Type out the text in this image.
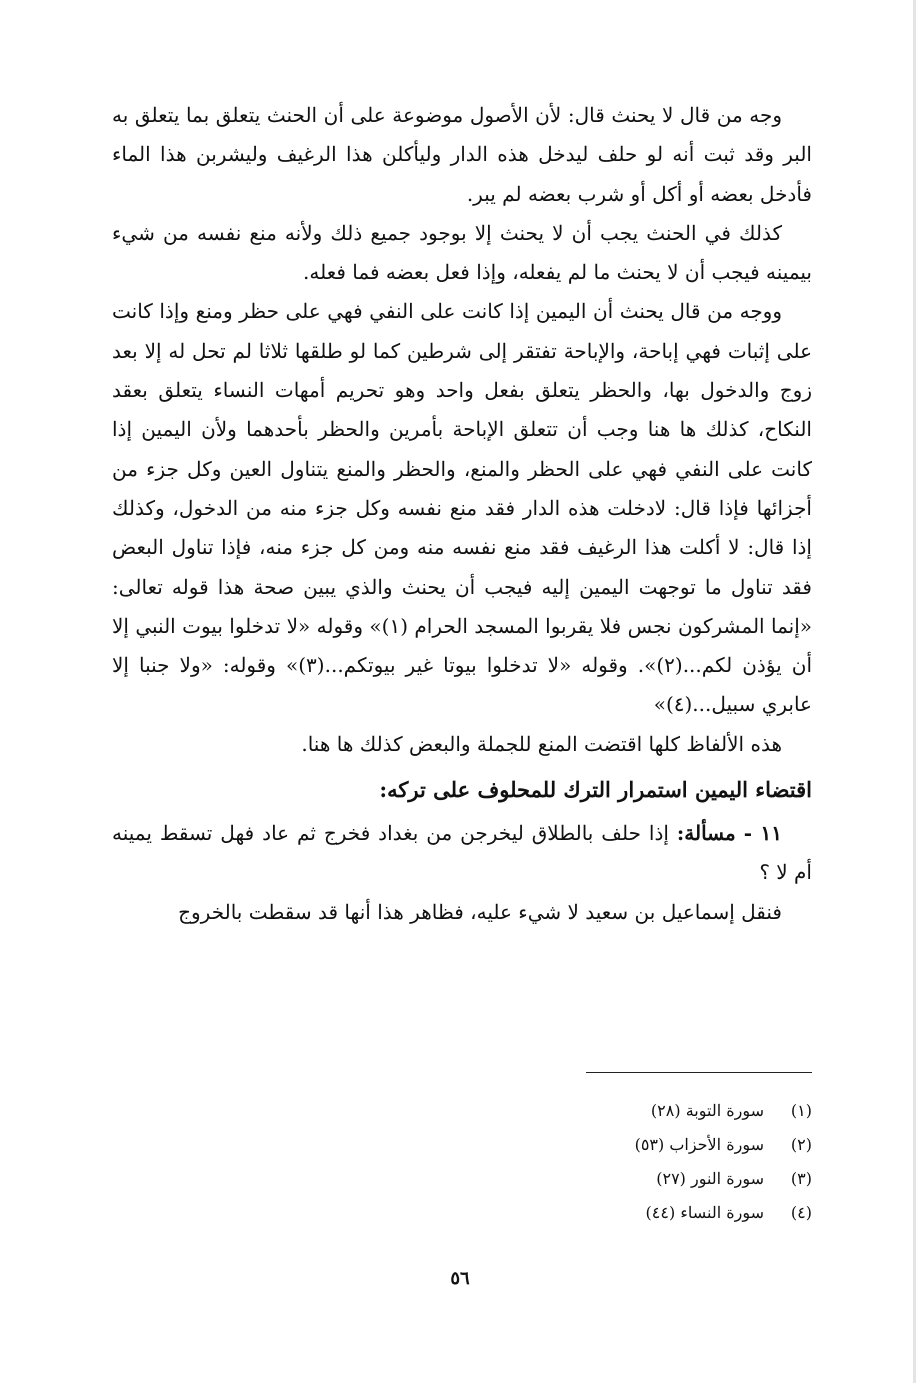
وجه من قال لا يحنث قال: لأن الأصول موضوعة على أن الحنث يتعلق بما يتعلق به البر وقد ثبت أنه لو حلف ليدخل هذه الدار وليأكلن هذا الرغيف وليشربن هذا الماء فأدخل بعضه أو أكل أو شرب بعضه لم يبر.

كذلك في الحنث يجب أن لا يحنث إلا بوجود جميع ذلك ولأنه منع نفسه من شيء بيمينه فيجب أن لا يحنث ما لم يفعله، وإذا فعل بعضه فما فعله.

ووجه من قال يحنث أن اليمين إذا كانت على النفي فهي على حظر ومنع وإذا كانت على إثبات فهي إباحة، والإباحة تفتقر إلى شرطين كما لو طلقها ثلاثا لم تحل له إلا بعد زوج والدخول بها، والحظر يتعلق بفعل واحد وهو تحريم أمهات النساء يتعلق بعقد النكاح، كذلك ها هنا وجب أن تتعلق الإباحة بأمرين والحظر بأحدهما ولأن اليمين إذا كانت على النفي فهي على الحظر والمنع، والحظر والمنع يتناول العين وكل جزء من أجزائها فإذا قال: لادخلت هذه الدار فقد منع نفسه وكل جزء منه من الدخول، وكذلك إذا قال: لا أكلت هذا الرغيف فقد منع نفسه منه ومن كل جزء منه، فإذا تناول البعض فقد تناول ما توجهت اليمين إليه فيجب أن يحنث والذي يبين صحة هذا قوله تعالى: «إنما المشركون نجس فلا يقربوا المسجد الحرام (١)» وقوله «لا تدخلوا بيوت النبي إلا أن يؤذن لكم...(٢)». وقوله «لا تدخلوا بيوتا غير بيوتكم...(٣)» وقوله: «ولا جنبا إلا عابري سبيل...(٤)»

هذه الألفاظ كلها اقتضت المنع للجملة والبعض كذلك ها هنا.

اقتضاء اليمين استمرار الترك للمحلوف على تركه:

١١ - مسألة: إذا حلف بالطلاق ليخرجن من بغداد فخرج ثم عاد فهل تسقط يمينه أم لا ؟

فنقل إسماعيل بن سعيد لا شيء عليه، فظاهر هذا أنها قد سقطت بالخروج

(١)
سورة التوبة (٢٨)
(٢)
سورة الأحزاب (٥٣)
(٣)
سورة النور (٢٧)
(٤)
سورة النساء (٤٤)
٥٦
